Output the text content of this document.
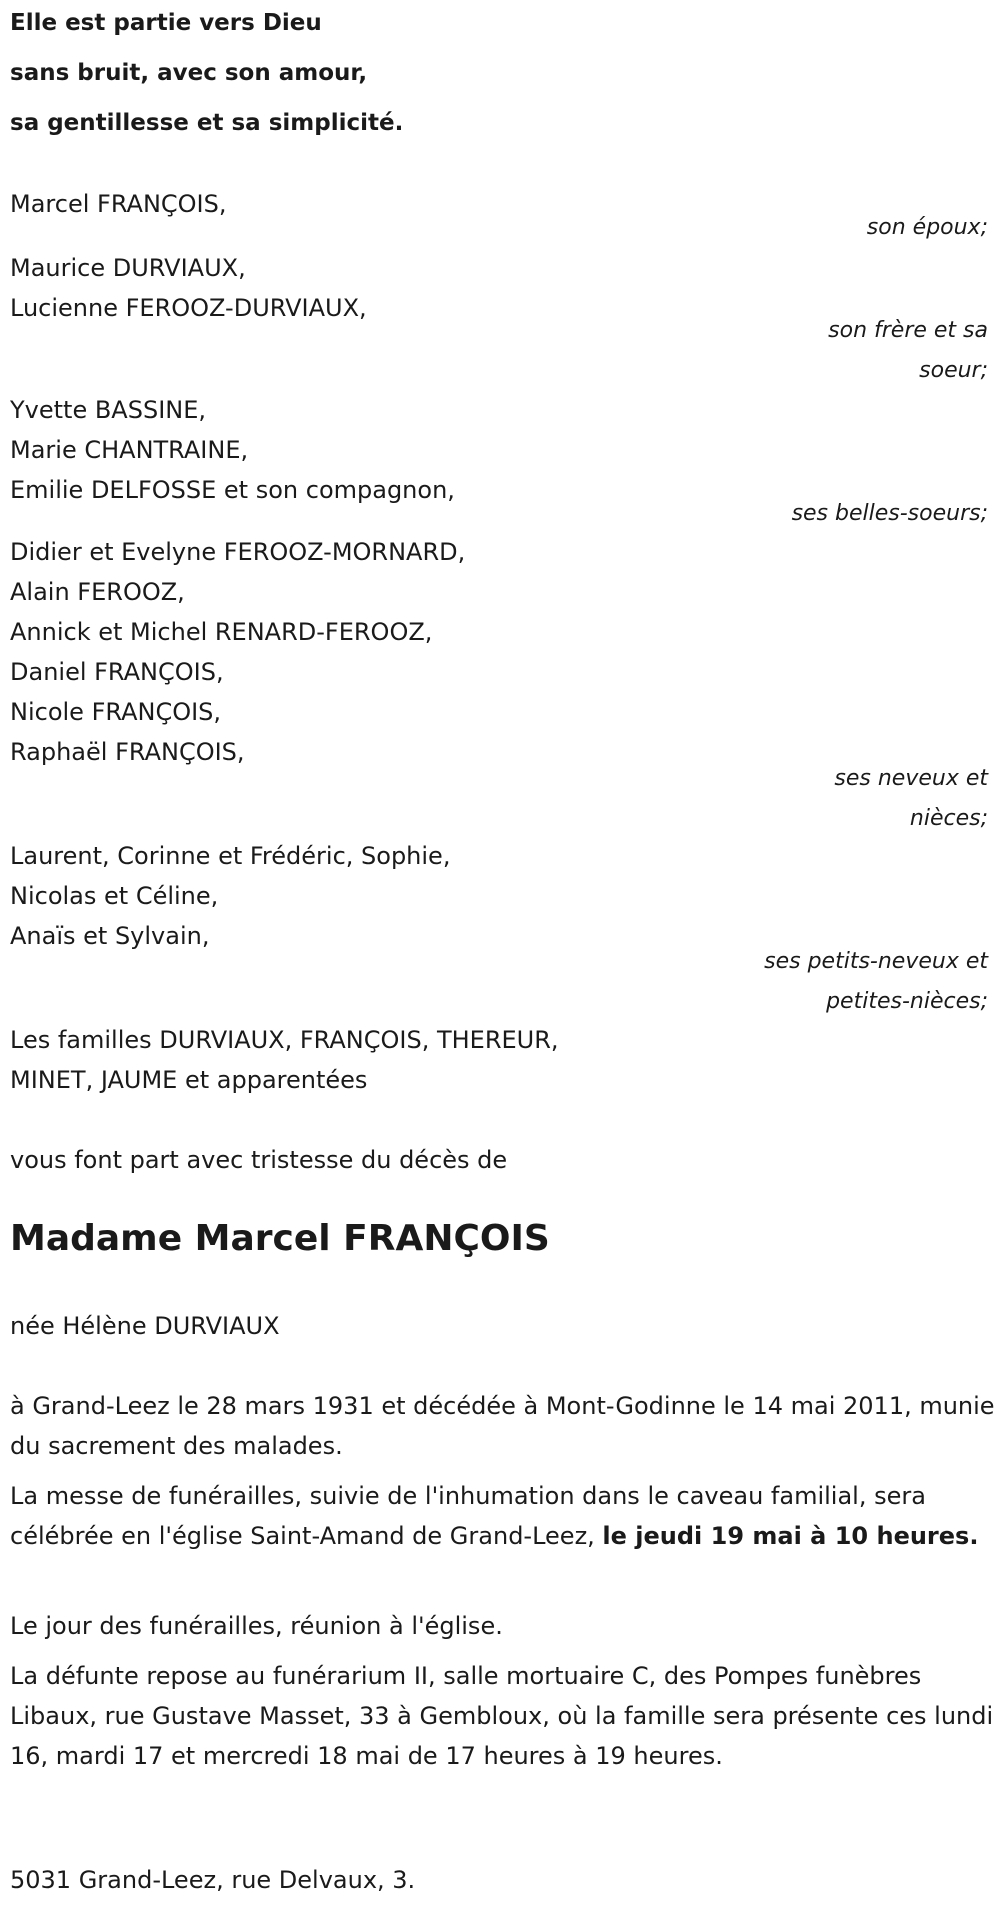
Elle est partie vers Dieu
sans bruit, avec son amour,
sa gentillesse et sa simplicité.
Marcel FRANÇOIS,
son époux;
Maurice DURVIAUX,
Lucienne FEROOZ-DURVIAUX,
son frère et sa
soeur;
Yvette BASSINE,
Marie CHANTRAINE,
Emilie DELFOSSE et son compagnon,
ses belles-soeurs;
Didier et Evelyne FEROOZ-MORNARD,
Alain FEROOZ,
Annick et Michel RENARD-FEROOZ,
Daniel FRANÇOIS,
Nicole FRANÇOIS,
Raphaël FRANÇOIS,
ses neveux et
nièces;
Laurent, Corinne et Frédéric, Sophie,
Nicolas et Céline,
Anaïs et Sylvain,
ses petits-neveux et
petites-nièces;
Les familles DURVIAUX, FRANÇOIS, THEREUR,
MINET, JAUME et apparentées
vous font part avec tristesse du décès de
Madame Marcel FRANÇOIS
née Hélène DURVIAUX
à Grand-Leez le 28 mars 1931 et décédée à Mont-Godinne le 14 mai 2011, munie du sacrement des malades.
La messe de funérailles, suivie de l'inhumation dans le caveau familial, sera célébrée en l'église Saint-Amand de Grand-Leez, le jeudi 19 mai à 10 heures.
Le jour des funérailles, réunion à l'église.
La défunte repose au funérarium II, salle mortuaire C, des Pompes funèbres Libaux, rue Gustave Masset, 33 à Gembloux, où la famille sera présente ces lundi 16, mardi 17 et mercredi 18 mai de 17 heures à 19 heures.
5031 Grand-Leez, rue Delvaux, 3.
